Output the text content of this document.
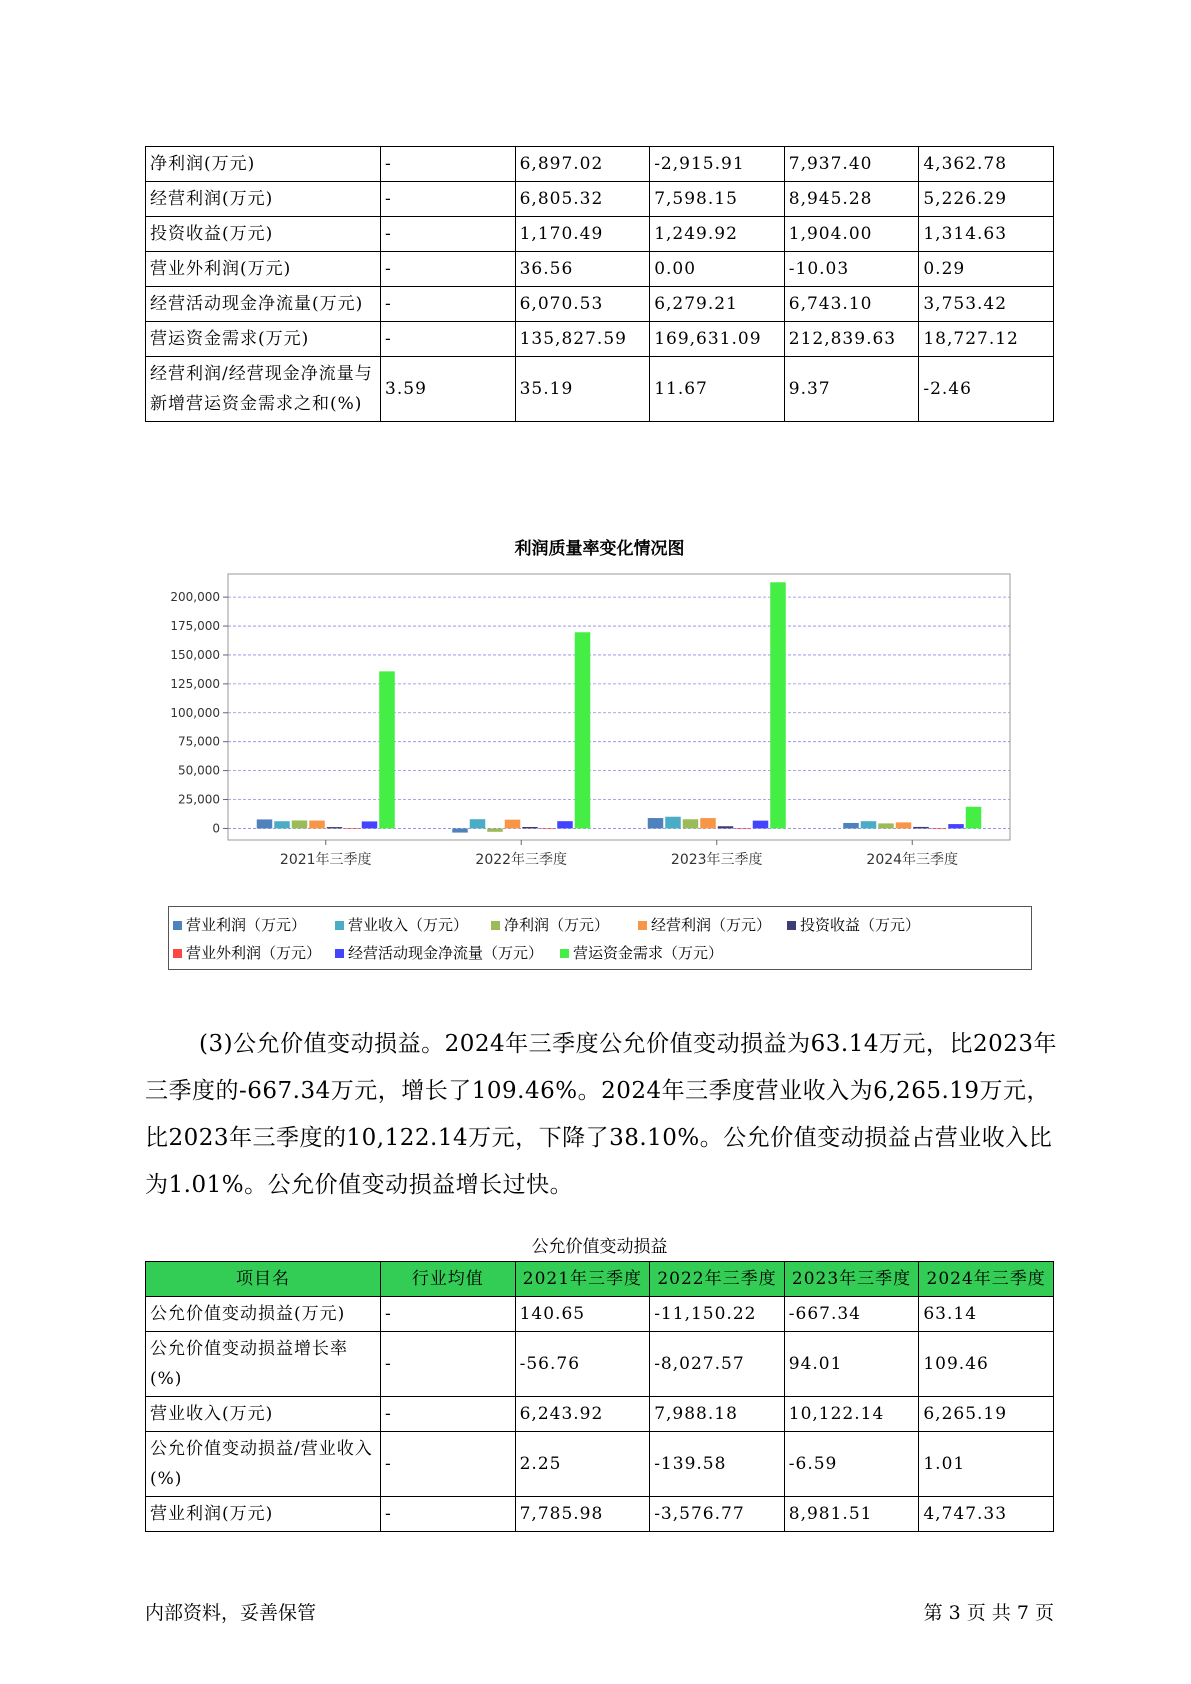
净利润(万元)	-	6,897.02	-2,915.91	7,937.40	4,362.78
经营利润(万元)	-	6,805.32	7,598.15	8,945.28	5,226.29
投资收益(万元)	-	1,170.49	1,249.92	1,904.00	1,314.63
营业外利润(万元)	-	36.56	0.00	-10.03	0.29
经营活动现金净流量(万元)	-	6,070.53	6,279.21	6,743.10	3,753.42
营运资金需求(万元)	-	135,827.59	169,631.09	212,839.63	18,727.12
经营利润/经营现金净流量与新增营运资金需求之和(%)	3.59	35.19	11.67	9.37	-2.46
利润质量率变化情况图
0
25,000
50,000
75,000
100,000
125,000
150,000
175,000
200,000
2021年三季度	2022年三季度	2023年三季度	2024年三季度
营业利润（万元）	营业收入（万元） 净利润（万元）	经营利润（万元） 投资收益（万元）
营业外利润（万元） 经营活动现金净流量（万元） 营运资金需求（万元）

(3)公允价值变动损益。2024年三季度公允价值变动损益为63.14万元，比2023年三季度的-667.34万元，增长了109.46%。2024年三季度营业收入为6,265.19万元，比2023年三季度的10,122.14万元，下降了38.10%。公允价值变动损益占营业收入比为1.01%。公允价值变动损益增长过快。

公允价值变动损益
项目名	行业均值	2021年三季度	2022年三季度	2023年三季度	2024年三季度
公允价值变动损益(万元)	-	140.65	-11,150.22	-667.34	63.14
公允价值变动损益增长率(%)	-	-56.76	-8,027.57	94.01	109.46
营业收入(万元)	-	6,243.92	7,988.18	10,122.14	6,265.19
公允价值变动损益/营业收入(%)	-	2.25	-139.58	-6.59	1.01
营业利润(万元)	-	7,785.98	-3,576.77	8,981.51	4,747.33
内部资料，妥善保管	第 3 页 共 7 页
